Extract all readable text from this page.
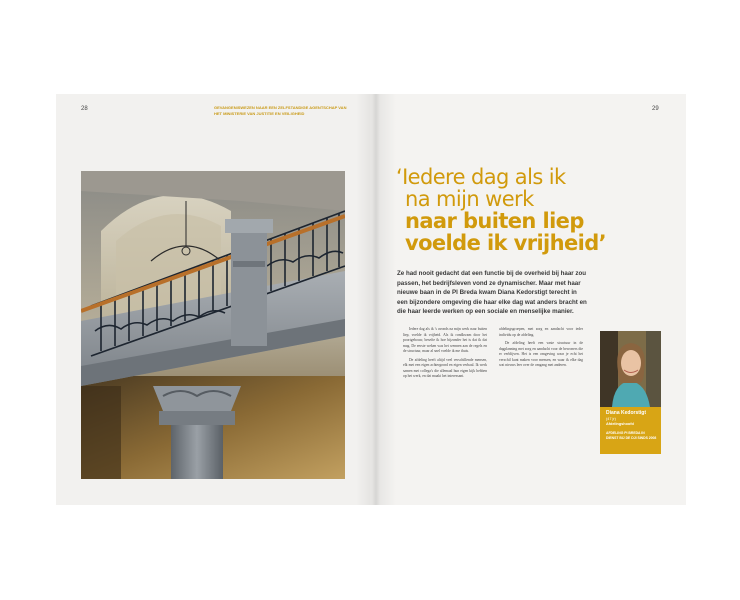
28	GEVANGENISWEZEN NAAR EEN ZELFSTANDIGE AGENTSCHAP VAN HET MINISTERIE VAN JUSTITIE EN VEILIGHEID
29
‘Iedere dag als ik
na mijn werk
naar buiten liep
voelde ik vrijheid’
Ze had nooit gedacht dat een functie bij de overheid bij haar zou passen, het bedrijfsleven vond ze dynamischer. Maar met haar nieuwe baan in de PI Breda kwam Diana Kedorstigt terecht in een bijzondere omgeving die haar elke dag wat anders bracht en die haar leerde werken op een sociale en menselijke manier.

Iedere dag als ik 's avonds na mijn werk naar buiten liep, voelde ik vrijheid. Als ik rondkwam door het poortgebouw, besefte ik hoe bijzonder het is dat ik dat mag. De eerste weken was het wennen aan de regels en de structuur, maar al snel voelde ik me thuis.

De afdeling heeft altijd veel verschillende mensen, elk met een eigen achtergrond en eigen verhaal. Ik werk samen met collega's die allemaal hun eigen kijk hebben op het werk, en dat maakt het interessant.

afdelingsgroepen, met zorg en aandacht voor ieder individu op de afdeling.

De afdeling heeft een vaste structuur in de dagplanning met zorg en aandacht voor de bewoners die er verblijven. Het is een omgeving waar je echt het verschil kunt maken voor mensen, en waar ik elke dag wat nieuws leer over de omgang met anderen.

Diana Kedorstigt
(47 jr)
Afdelingshoofd
AFDELING PI BREDA IN DIENST BIJ DE DJI SINDS 2008
